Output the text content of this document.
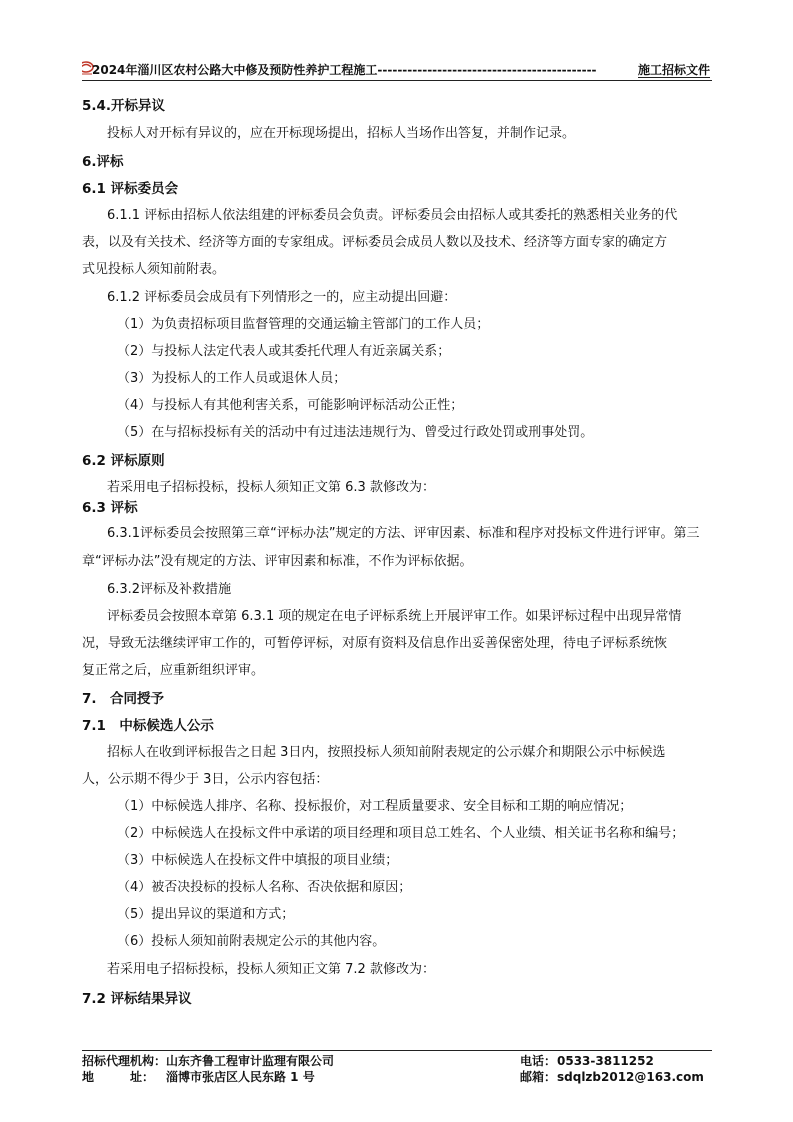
2024年淄川区农村公路大中修及预防性养护工程施工--------------------------------------------	施工招标文件
5.4.开标异议
投标人对开标有异议的，应在开标现场提出，招标人当场作出答复，并制作记录。
6.评标
6.1 评标委员会
6.1.1 评标由招标人依法组建的评标委员会负责。评标委员会由招标人或其委托的熟悉相关业务的代
表，以及有关技术、经济等方面的专家组成。评标委员会成员人数以及技术、经济等方面专家的确定方
式见投标人须知前附表。
6.1.2 评标委员会成员有下列情形之一的，应主动提出回避：
（1）为负责招标项目监督管理的交通运输主管部门的工作人员；
（2）与投标人法定代表人或其委托代理人有近亲属关系；
（3）为投标人的工作人员或退休人员；
（4）与投标人有其他利害关系，可能影响评标活动公正性；
（5）在与招标投标有关的活动中有过违法违规行为、曾受过行政处罚或刑事处罚。
6.2 评标原则
若采用电子招标投标，投标人须知正文第 6.3 款修改为：
6.3 评标
6.3.1评标委员会按照第三章“评标办法”规定的方法、评审因素、标准和程序对投标文件进行评审。第三
章“评标办法”没有规定的方法、评审因素和标准，不作为评标依据。
6.3.2评标及补救措施
评标委员会按照本章第 6.3.1 项的规定在电子评标系统上开展评审工作。如果评标过程中出现异常情
况，导致无法继续评审工作的，可暂停评标，对原有资料及信息作出妥善保密处理，待电子评标系统恢
复正常之后，应重新组织评审。
7.　合同授予
7.1　中标候选人公示
招标人在收到评标报告之日起 3日内，按照投标人须知前附表规定的公示媒介和期限公示中标候选
人，公示期不得少于 3日，公示内容包括：
（1）中标候选人排序、名称、投标报价，对工程质量要求、安全目标和工期的响应情况；
（2）中标候选人在投标文件中承诺的项目经理和项目总工姓名、个人业绩、相关证书名称和编号；
（3）中标候选人在投标文件中填报的项目业绩；
（4）被否决投标的投标人名称、否决依据和原因；
（5）提出异议的渠道和方式；
（6）投标人须知前附表规定公示的其他内容。
若采用电子招标投标，投标人须知正文第 7.2 款修改为：
7.2 评标结果异议
招标代理机构： 山东齐鲁工程审计监理有限公司
地　　　址： 淄博市张店区人民东路 1 号
电话： 0533-3811252
邮箱： sdqlzb2012@163.com
